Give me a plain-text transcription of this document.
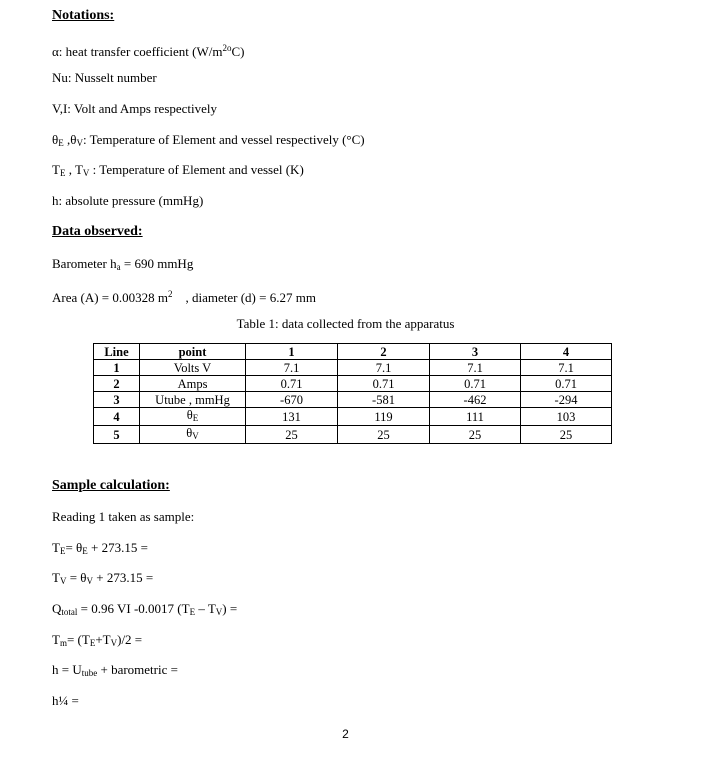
Notations:
α: heat transfer coefficient $(W/m^{2o}C)$
Nu: Nusselt number
V,I: Volt and Amps respectively
$\theta_E$ $,\theta_V$: Temperature of Element and vessel respectively (°C)
$T_E$ , $T_V$ : Temperature of Element and vessel (K)
h: absolute pressure (mmHg)
Data observed:
Barometer $h_a = 690$ mmHg
Area (A) = 0.00328 $m^2$    , diameter (d) = 6.27 mm
Table 1: data collected from the apparatus
Line	point	1	2	3	4
1	Volts V	7.1	7.1	7.1	7.1
2	Amps	0.71	0.71	0.71	0.71
3	Utube , mmHg	-670	-581	-462	-294
4	$\theta_E$	131	119	111	103
5	$\theta_V$	25	25	25	25
Sample calculation:
Reading 1 taken as sample:
$T_E= \theta_E + 273.15$ =
$T_V = \theta_V + 273.15$ =
$Q_{total} = 0.96$ VI -0.0017 $(T_E - T_V)$ =
$T_m= (T_E+T_V)/2$ =
$h = U_{tube}$ + barometric =
h¼ =
2
